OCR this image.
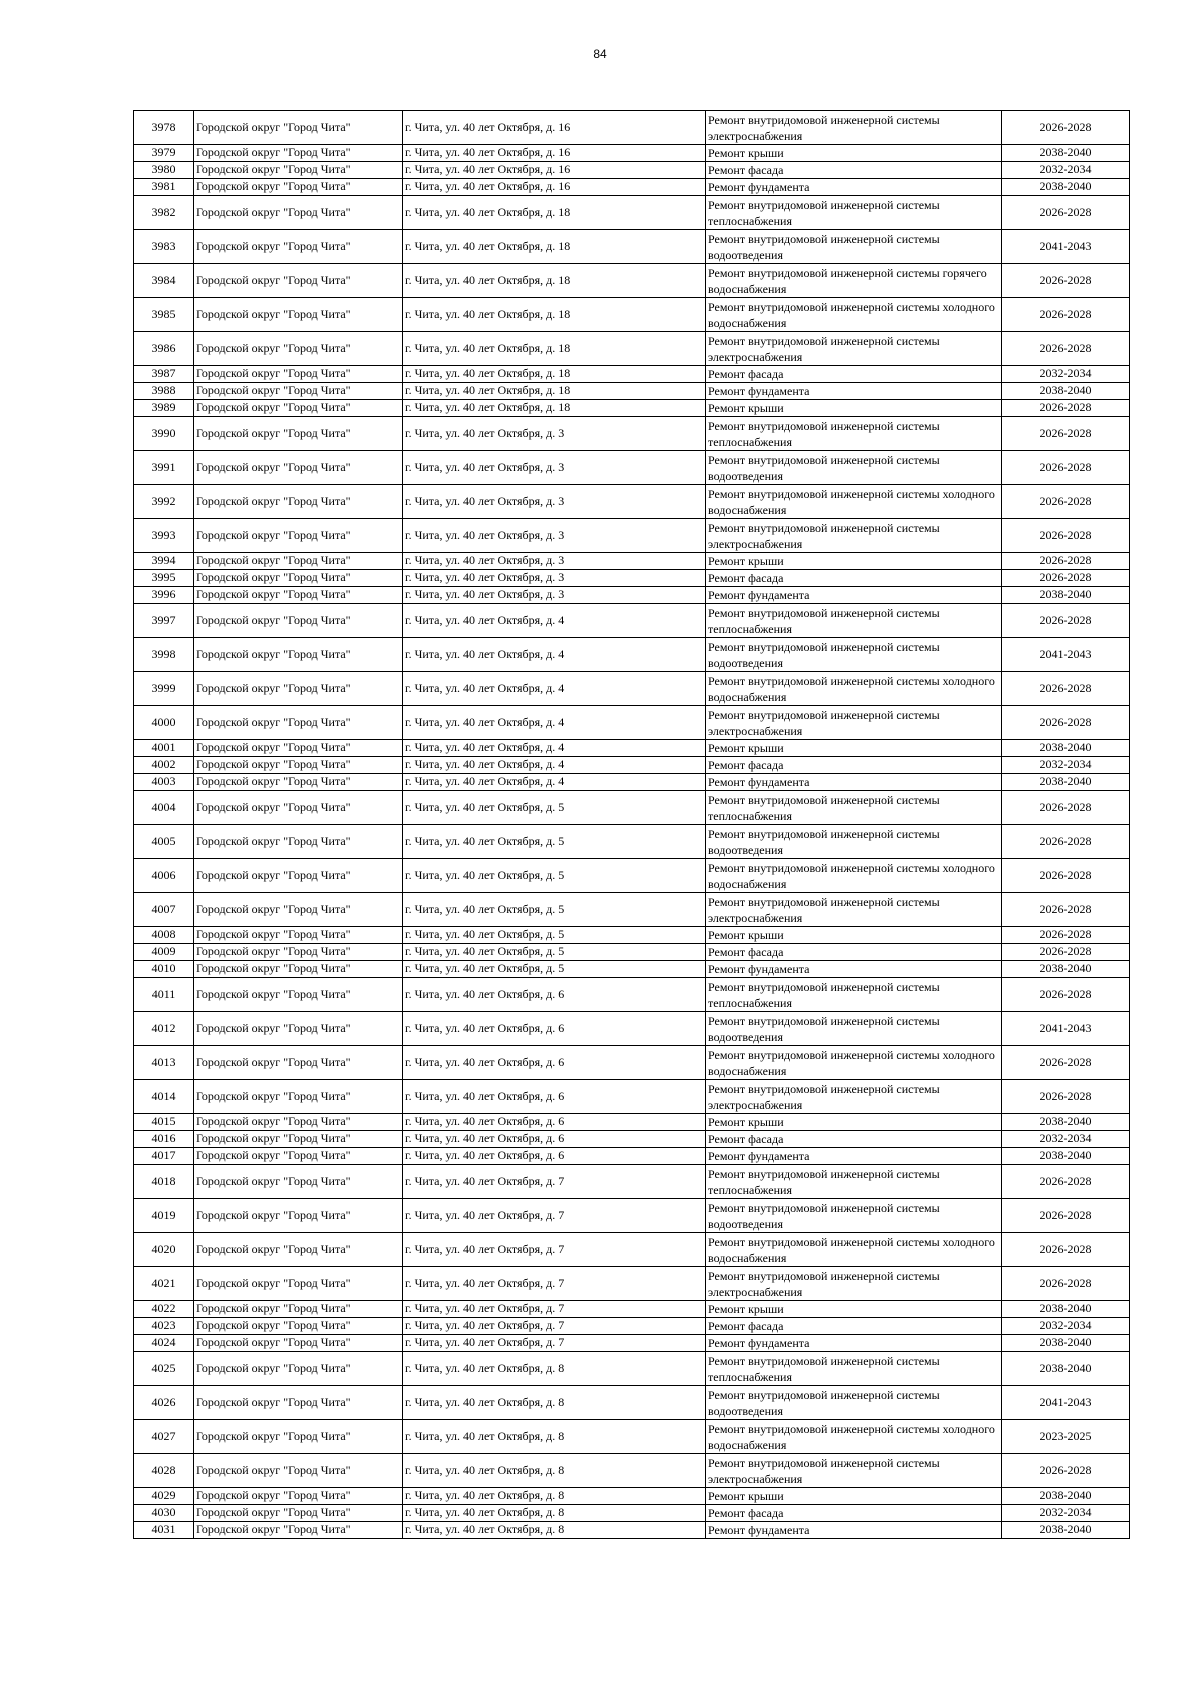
84
3978	Городской округ "Город Чита"	г. Чита, ул. 40 лет Октября, д. 16	Ремонт внутридомовой инженерной системы электроснабжения	2026-2028
3979	Городской округ "Город Чита"	г. Чита, ул. 40 лет Октября, д. 16	Ремонт крыши	2038-2040
3980	Городской округ "Город Чита"	г. Чита, ул. 40 лет Октября, д. 16	Ремонт фасада	2032-2034
3981	Городской округ "Город Чита"	г. Чита, ул. 40 лет Октября, д. 16	Ремонт фундамента	2038-2040
3982	Городской округ "Город Чита"	г. Чита, ул. 40 лет Октября, д. 18	Ремонт внутридомовой инженерной системы теплоснабжения	2026-2028
3983	Городской округ "Город Чита"	г. Чита, ул. 40 лет Октября, д. 18	Ремонт внутридомовой инженерной системы водоотведения	2041-2043
3984	Городской округ "Город Чита"	г. Чита, ул. 40 лет Октября, д. 18	Ремонт внутридомовой инженерной системы горячего водоснабжения	2026-2028
3985	Городской округ "Город Чита"	г. Чита, ул. 40 лет Октября, д. 18	Ремонт внутридомовой инженерной системы холодного водоснабжения	2026-2028
3986	Городской округ "Город Чита"	г. Чита, ул. 40 лет Октября, д. 18	Ремонт внутридомовой инженерной системы электроснабжения	2026-2028
3987	Городской округ "Город Чита"	г. Чита, ул. 40 лет Октября, д. 18	Ремонт фасада	2032-2034
3988	Городской округ "Город Чита"	г. Чита, ул. 40 лет Октября, д. 18	Ремонт фундамента	2038-2040
3989	Городской округ "Город Чита"	г. Чита, ул. 40 лет Октября, д. 18	Ремонт крыши	2026-2028
3990	Городской округ "Город Чита"	г. Чита, ул. 40 лет Октября, д. 3	Ремонт внутридомовой инженерной системы теплоснабжения	2026-2028
3991	Городской округ "Город Чита"	г. Чита, ул. 40 лет Октября, д. 3	Ремонт внутридомовой инженерной системы водоотведения	2026-2028
3992	Городской округ "Город Чита"	г. Чита, ул. 40 лет Октября, д. 3	Ремонт внутридомовой инженерной системы холодного водоснабжения	2026-2028
3993	Городской округ "Город Чита"	г. Чита, ул. 40 лет Октября, д. 3	Ремонт внутридомовой инженерной системы электроснабжения	2026-2028
3994	Городской округ "Город Чита"	г. Чита, ул. 40 лет Октября, д. 3	Ремонт крыши	2026-2028
3995	Городской округ "Город Чита"	г. Чита, ул. 40 лет Октября, д. 3	Ремонт фасада	2026-2028
3996	Городской округ "Город Чита"	г. Чита, ул. 40 лет Октября, д. 3	Ремонт фундамента	2038-2040
3997	Городской округ "Город Чита"	г. Чита, ул. 40 лет Октября, д. 4	Ремонт внутридомовой инженерной системы теплоснабжения	2026-2028
3998	Городской округ "Город Чита"	г. Чита, ул. 40 лет Октября, д. 4	Ремонт внутридомовой инженерной системы водоотведения	2041-2043
3999	Городской округ "Город Чита"	г. Чита, ул. 40 лет Октября, д. 4	Ремонт внутридомовой инженерной системы холодного водоснабжения	2026-2028
4000	Городской округ "Город Чита"	г. Чита, ул. 40 лет Октября, д. 4	Ремонт внутридомовой инженерной системы электроснабжения	2026-2028
4001	Городской округ "Город Чита"	г. Чита, ул. 40 лет Октября, д. 4	Ремонт крыши	2038-2040
4002	Городской округ "Город Чита"	г. Чита, ул. 40 лет Октября, д. 4	Ремонт фасада	2032-2034
4003	Городской округ "Город Чита"	г. Чита, ул. 40 лет Октября, д. 4	Ремонт фундамента	2038-2040
4004	Городской округ "Город Чита"	г. Чита, ул. 40 лет Октября, д. 5	Ремонт внутридомовой инженерной системы теплоснабжения	2026-2028
4005	Городской округ "Город Чита"	г. Чита, ул. 40 лет Октября, д. 5	Ремонт внутридомовой инженерной системы водоотведения	2026-2028
4006	Городской округ "Город Чита"	г. Чита, ул. 40 лет Октября, д. 5	Ремонт внутридомовой инженерной системы холодного водоснабжения	2026-2028
4007	Городской округ "Город Чита"	г. Чита, ул. 40 лет Октября, д. 5	Ремонт внутридомовой инженерной системы электроснабжения	2026-2028
4008	Городской округ "Город Чита"	г. Чита, ул. 40 лет Октября, д. 5	Ремонт крыши	2026-2028
4009	Городской округ "Город Чита"	г. Чита, ул. 40 лет Октября, д. 5	Ремонт фасада	2026-2028
4010	Городской округ "Город Чита"	г. Чита, ул. 40 лет Октября, д. 5	Ремонт фундамента	2038-2040
4011	Городской округ "Город Чита"	г. Чита, ул. 40 лет Октября, д. 6	Ремонт внутридомовой инженерной системы теплоснабжения	2026-2028
4012	Городской округ "Город Чита"	г. Чита, ул. 40 лет Октября, д. 6	Ремонт внутридомовой инженерной системы водоотведения	2041-2043
4013	Городской округ "Город Чита"	г. Чита, ул. 40 лет Октября, д. 6	Ремонт внутридомовой инженерной системы холодного водоснабжения	2026-2028
4014	Городской округ "Город Чита"	г. Чита, ул. 40 лет Октября, д. 6	Ремонт внутридомовой инженерной системы электроснабжения	2026-2028
4015	Городской округ "Город Чита"	г. Чита, ул. 40 лет Октября, д. 6	Ремонт крыши	2038-2040
4016	Городской округ "Город Чита"	г. Чита, ул. 40 лет Октября, д. 6	Ремонт фасада	2032-2034
4017	Городской округ "Город Чита"	г. Чита, ул. 40 лет Октября, д. 6	Ремонт фундамента	2038-2040
4018	Городской округ "Город Чита"	г. Чита, ул. 40 лет Октября, д. 7	Ремонт внутридомовой инженерной системы теплоснабжения	2026-2028
4019	Городской округ "Город Чита"	г. Чита, ул. 40 лет Октября, д. 7	Ремонт внутридомовой инженерной системы водоотведения	2026-2028
4020	Городской округ "Город Чита"	г. Чита, ул. 40 лет Октября, д. 7	Ремонт внутридомовой инженерной системы холодного водоснабжения	2026-2028
4021	Городской округ "Город Чита"	г. Чита, ул. 40 лет Октября, д. 7	Ремонт внутридомовой инженерной системы электроснабжения	2026-2028
4022	Городской округ "Город Чита"	г. Чита, ул. 40 лет Октября, д. 7	Ремонт крыши	2038-2040
4023	Городской округ "Город Чита"	г. Чита, ул. 40 лет Октября, д. 7	Ремонт фасада	2032-2034
4024	Городской округ "Город Чита"	г. Чита, ул. 40 лет Октября, д. 7	Ремонт фундамента	2038-2040
4025	Городской округ "Город Чита"	г. Чита, ул. 40 лет Октября, д. 8	Ремонт внутридомовой инженерной системы теплоснабжения	2038-2040
4026	Городской округ "Город Чита"	г. Чита, ул. 40 лет Октября, д. 8	Ремонт внутридомовой инженерной системы водоотведения	2041-2043
4027	Городской округ "Город Чита"	г. Чита, ул. 40 лет Октября, д. 8	Ремонт внутридомовой инженерной системы холодного водоснабжения	2023-2025
4028	Городской округ "Город Чита"	г. Чита, ул. 40 лет Октября, д. 8	Ремонт внутридомовой инженерной системы электроснабжения	2026-2028
4029	Городской округ "Город Чита"	г. Чита, ул. 40 лет Октября, д. 8	Ремонт крыши	2038-2040
4030	Городской округ "Город Чита"	г. Чита, ул. 40 лет Октября, д. 8	Ремонт фасада	2032-2034
4031	Городской округ "Город Чита"	г. Чита, ул. 40 лет Октября, д. 8	Ремонт фундамента	2038-2040
